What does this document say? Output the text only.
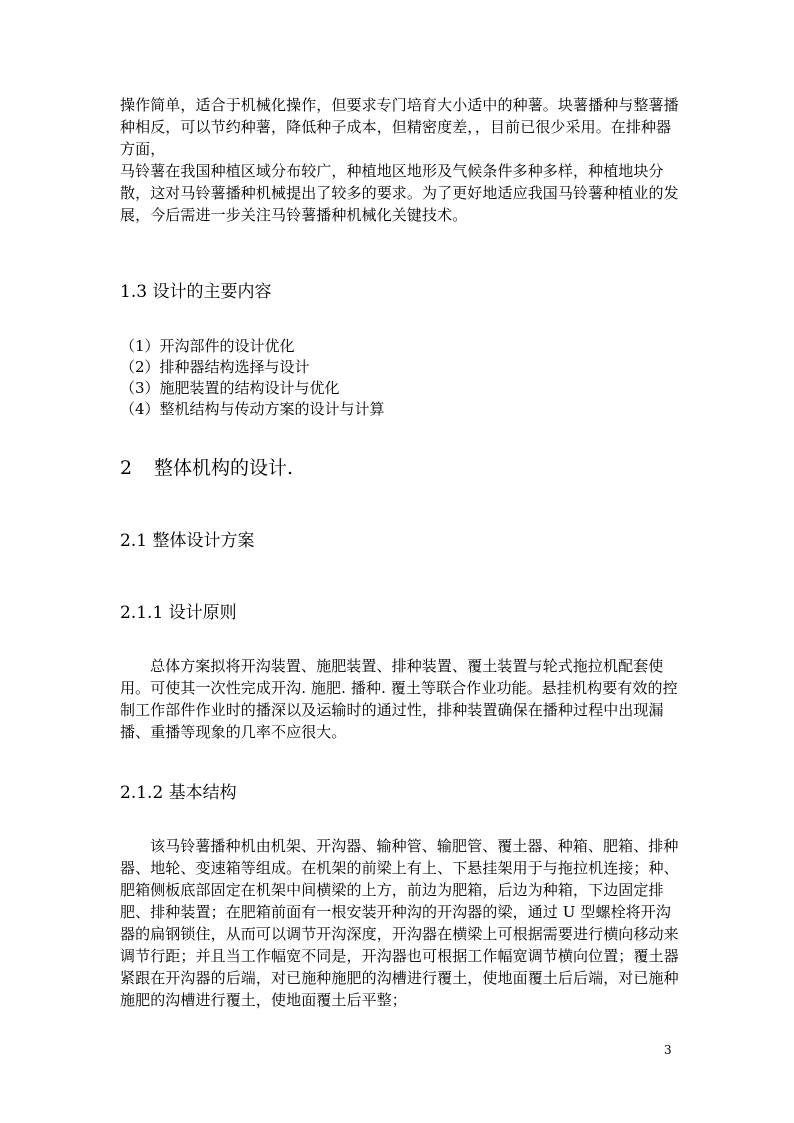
操作简单，适合于机械化操作，但要求专门培育大小适中的种薯。块薯播种与整薯播种相反，可以节约种薯，降低种子成本，但精密度差，，目前已很少采用。在排种器方面，

马铃薯在我国种植区域分布较广，种植地区地形及气候条件多种多样，种植地块分散，这对马铃薯播种机械提出了较多的要求。为了更好地适应我国马铃薯种植业的发展，今后需进一步关注马铃薯播种机械化关键技术。

1.3 设计的主要内容
（1）开沟部件的设计优化
（2）排种器结构选择与设计
（3）施肥装置的结构设计与优化
（4）整机结构与传动方案的设计与计算
2 整体机构的设计.
2.1 整体设计方案
2.1.1 设计原则

总体方案拟将开沟装置、施肥装置、排种装置、覆土装置与轮式拖拉机配套使用。可使其一次性完成开沟. 施肥. 播种. 覆土等联合作业功能。悬挂机构要有效的控制工作部件作业时的播深以及运输时的通过性，排种装置确保在播种过程中出现漏播、重播等现象的几率不应很大。

2.1.2 基本结构

该马铃薯播种机由机架、开沟器、输种管、输肥管、覆土器、种箱、肥箱、排种器、地轮、变速箱等组成。在机架的前梁上有上、下悬挂架用于与拖拉机连接；种、肥箱侧板底部固定在机架中间横梁的上方，前边为肥箱，后边为种箱，下边固定排肥、排种装置；在肥箱前面有一根安装开种沟的开沟器的梁，通过 U 型螺栓将开沟器的扁钢锁住，从而可以调节开沟深度，开沟器在横梁上可根据需要进行横向移动来调节行距；并且当工作幅宽不同是，开沟器也可根据工作幅宽调节横向位置；覆土器紧跟在开沟器的后端，对已施种施肥的沟槽进行覆土，使地面覆土后后端，对已施种施肥的沟槽进行覆土，使地面覆土后平整；

3
